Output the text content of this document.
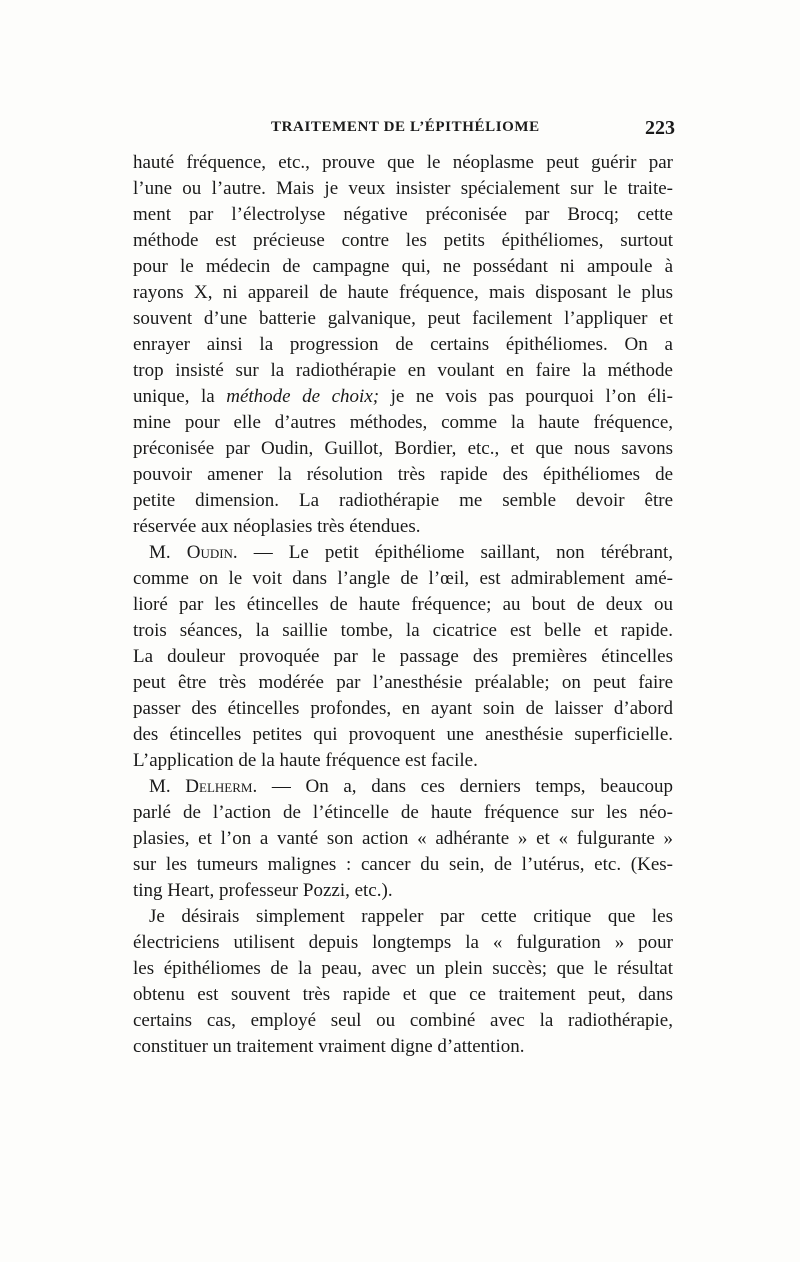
TRAITEMENT DE L’ÉPITHÉLIOME	223
hauté fréquence, etc., prouve que le néoplasme peut guérir par
l’une ou l’autre. Mais je veux insister spécialement sur le traite-
ment par l’électrolyse négative préconisée par Brocq; cette
méthode est précieuse contre les petits épithéliomes, surtout
pour le médecin de campagne qui, ne possédant ni ampoule à
rayons X, ni appareil de haute fréquence, mais disposant le plus
souvent d’une batterie galvanique, peut facilement l’appliquer et
enrayer ainsi la progression de certains épithéliomes. On a
trop insisté sur la radiothérapie en voulant en faire la méthode
unique, la méthode de choix; je ne vois pas pourquoi l’on éli-
mine pour elle d’autres méthodes, comme la haute fréquence,
préconisée par Oudin, Guillot, Bordier, etc., et que nous savons
pouvoir amener la résolution très rapide des épithéliomes de
petite dimension. La radiothérapie me semble devoir être
réservée aux néoplasies très étendues.
M. Oudin. — Le petit épithéliome saillant, non térébrant,
comme on le voit dans l’angle de l’œil, est admirablement amé-
lioré par les étincelles de haute fréquence; au bout de deux ou
trois séances, la saillie tombe, la cicatrice est belle et rapide.
La douleur provoquée par le passage des premières étincelles
peut être très modérée par l’anesthésie préalable; on peut faire
passer des étincelles profondes, en ayant soin de laisser d’abord
des étincelles petites qui provoquent une anesthésie superficielle.
L’application de la haute fréquence est facile.
M. Delherm. — On a, dans ces derniers temps, beaucoup
parlé de l’action de l’étincelle de haute fréquence sur les néo-
plasies, et l’on a vanté son action « adhérante » et « fulgurante »
sur les tumeurs malignes : cancer du sein, de l’utérus, etc. (Kes-
ting Heart, professeur Pozzi, etc.).
Je désirais simplement rappeler par cette critique que les
électriciens utilisent depuis longtemps la « fulguration » pour
les épithéliomes de la peau, avec un plein succès; que le résultat
obtenu est souvent très rapide et que ce traitement peut, dans
certains cas, employé seul ou combiné avec la radiothérapie,
constituer un traitement vraiment digne d’attention.
